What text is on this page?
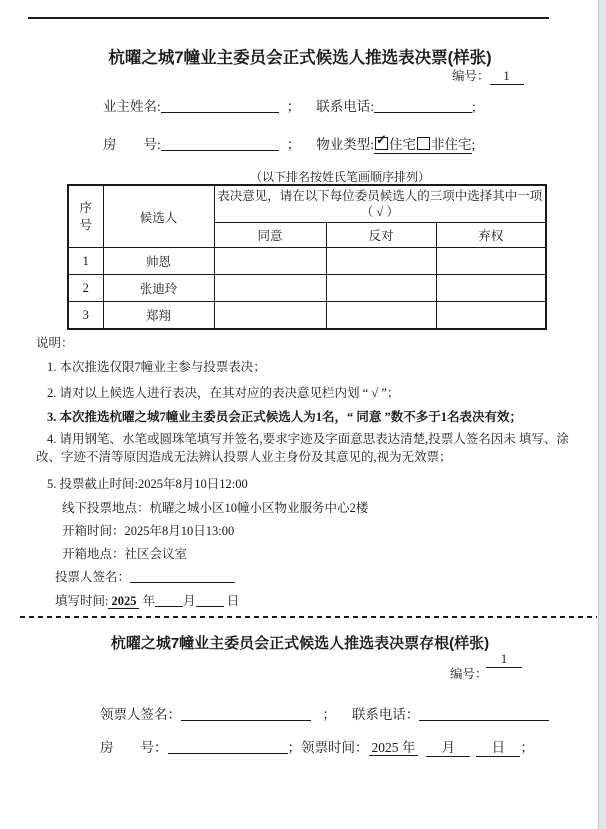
杭曜之城7幢业主委员会正式候选人推选表决票(样张)
编号： 1
业主姓名:	； 联系电话:	;
房　　号:	； 物业类型: ✓ 住宅 非住宅;
（以下排名按姓氏笔画顺序排列）
序号	候选人	表决意见，请在以下每位委员候选人的三项中选择其中一项（ √ ）		
		同意	反对	弃权
1	帅恩			
2	张迪玲			
3	郑翔			
说明：
1. 本次推选仅限7幢业主参与投票表决；
2. 请对以上候选人进行表决，在其对应的表决意见栏内划 “ √ ”；
3. 本次推选杭曜之城7幢业主委员会正式候选人为1名，“ 同意 ”数不多于1名表决有效；
4. 请用钢笔、水笔或圆珠笔填写并签名,要求字迹及字面意思表达清楚,投票人签名因未 填写、涂改、字迹不清等原因造成无法辨认投票人业主身份及其意见的,视为无效票；
5. 投票截止时间:2025年8月10日12:00
线下投票地点：杭曜之城小区10幢小区物业服务中心2楼
开箱时间：2025年8月10日13:00
开箱地点：社区会议室
投票人签名：
填写时间: 2025 年 月 日
杭曜之城7幢业主委员会正式候选人推选表决票存根(样张)
1
编号：
领票人签名：	； 联系电话：
房　　号：	；领票时间： 2025 年 月	日 ；
